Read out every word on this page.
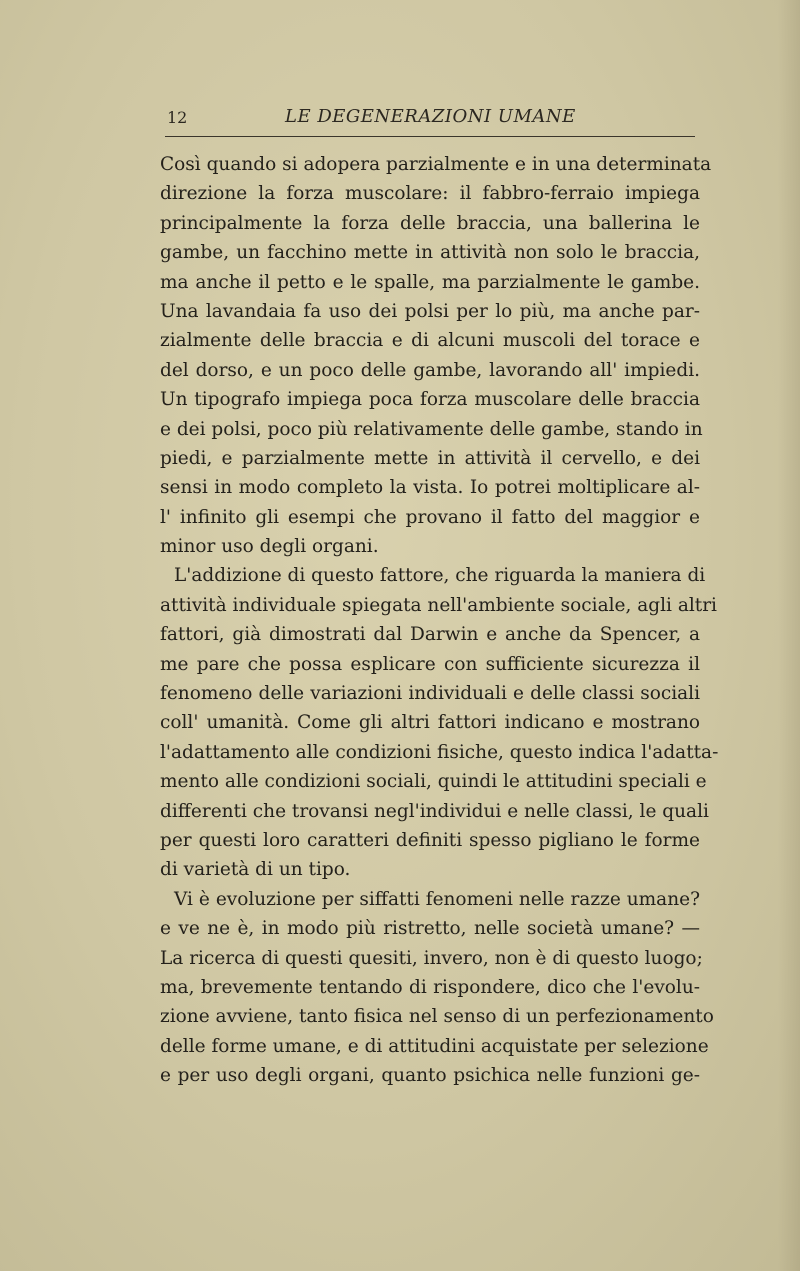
12	LE DEGENERAZIONI UMANE
Così quando si adopera parzialmente e in una determinata
direzione la forza muscolare: il fabbro-ferraio impiega
principalmente la forza delle braccia, una ballerina le
gambe, un facchino mette in attività non solo le braccia,
ma anche il petto e le spalle, ma parzialmente le gambe.
Una lavandaia fa uso dei polsi per lo più, ma anche par-
zialmente delle braccia e di alcuni muscoli del torace e
del dorso, e un poco delle gambe, lavorando all' impiedi.
Un tipografo impiega poca forza muscolare delle braccia
e dei polsi, poco più relativamente delle gambe, stando in
piedi, e parzialmente mette in attività il cervello, e dei
sensi in modo completo la vista. Io potrei moltiplicare al-
l' infinito gli esempi che provano il fatto del maggior e
minor uso degli organi.
L'addizione di questo fattore, che riguarda la maniera di
attività individuale spiegata nell'ambiente sociale, agli altri
fattori, già dimostrati dal Darwin e anche da Spencer, a
me pare che possa esplicare con sufficiente sicurezza il
fenomeno delle variazioni individuali e delle classi sociali
coll' umanità. Come gli altri fattori indicano e mostrano
l'adattamento alle condizioni fisiche, questo indica l'adatta-
mento alle condizioni sociali, quindi le attitudini speciali e
differenti che trovansi negl'individui e nelle classi, le quali
per questi loro caratteri definiti spesso pigliano le forme
di varietà di un tipo.
Vi è evoluzione per siffatti fenomeni nelle razze umane?
e ve ne è, in modo più ristretto, nelle società umane? —
La ricerca di questi quesiti, invero, non è di questo luogo;
ma, brevemente tentando di rispondere, dico che l'evolu-
zione avviene, tanto fisica nel senso di un perfezionamento
delle forme umane, e di attitudini acquistate per selezione
e per uso degli organi, quanto psichica nelle funzioni ge-
